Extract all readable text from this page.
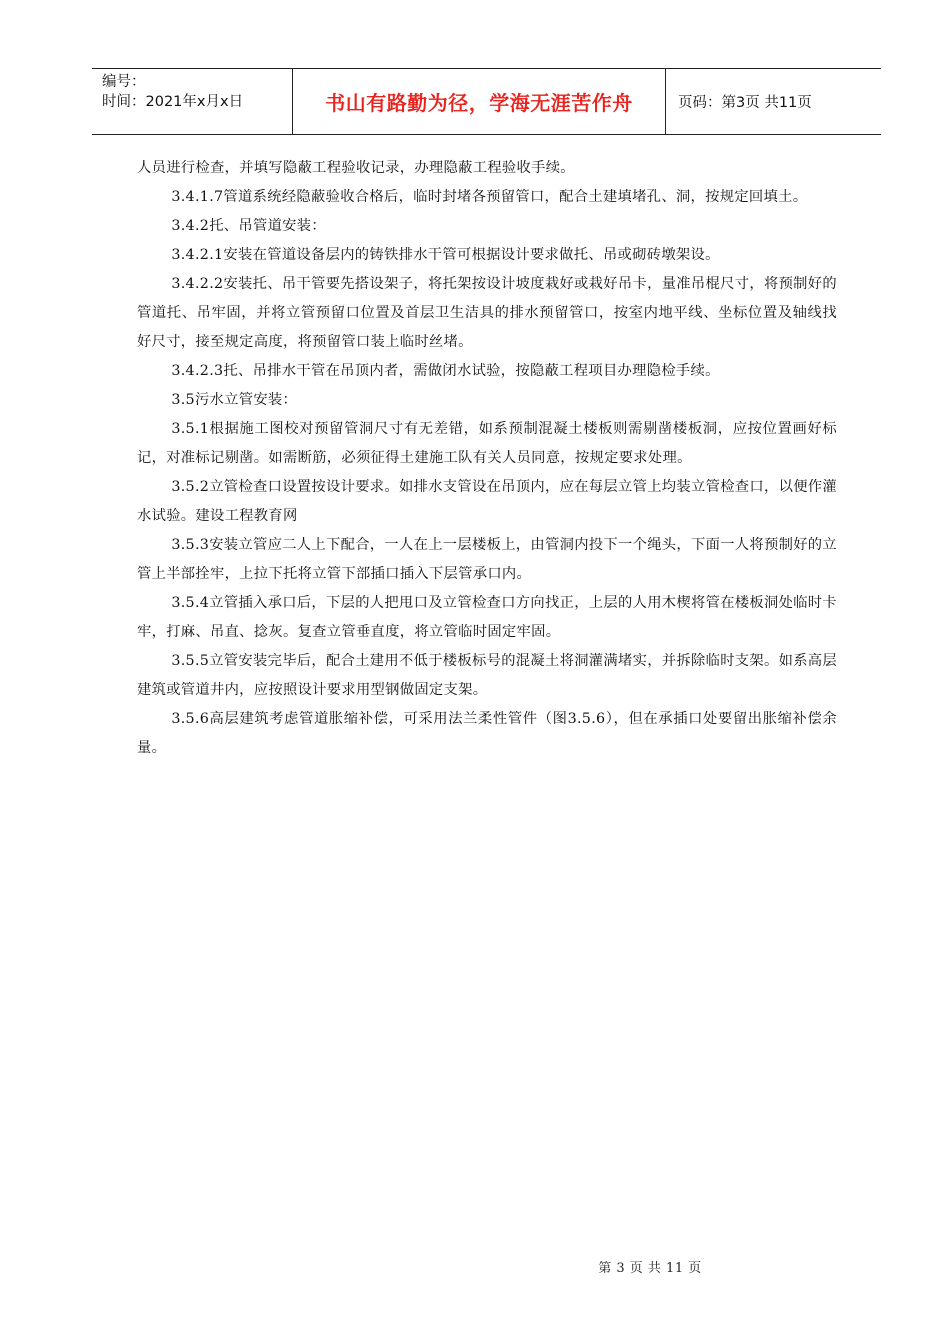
编号：
时间：2021年x月x日	书山有路勤为径，学海无涯苦作舟	页码：第3页 共11页

人员进行检查，并填写隐蔽工程验收记录，办理隐蔽工程验收手续。

3.4.1.7管道系统经隐蔽验收合格后，临时封堵各预留管口，配合土建填堵孔、洞，按规定回填土。

3.4.2托、吊管道安装：

3.4.2.1安装在管道设备层内的铸铁排水干管可根据设计要求做托、吊或砌砖墩架设。

3.4.2.2安装托、吊干管要先搭设架子，将托架按设计坡度栽好或栽好吊卡，量准吊棍尺寸，将预制好的管道托、吊牢固，并将立管预留口位置及首层卫生洁具的排水预留管口，按室内地平线、坐标位置及轴线找好尺寸，接至规定高度，将预留管口装上临时丝堵。

3.4.2.3托、吊排水干管在吊顶内者，需做闭水试验，按隐蔽工程项目办理隐检手续。

3.5污水立管安装：

3.5.1根据施工图校对预留管洞尺寸有无差错，如系预制混凝土楼板则需剔凿楼板洞，应按位置画好标记，对准标记剔凿。如需断筋，必须征得土建施工队有关人员同意，按规定要求处理。

3.5.2立管检查口设置按设计要求。如排水支管设在吊顶内，应在每层立管上均装立管检查口，以便作灌水试验。建设工程教育网

3.5.3安装立管应二人上下配合，一人在上一层楼板上，由管洞内投下一个绳头，下面一人将预制好的立管上半部拴牢，上拉下托将立管下部插口插入下层管承口内。

3.5.4立管插入承口后，下层的人把甩口及立管检查口方向找正，上层的人用木楔将管在楼板洞处临时卡牢，打麻、吊直、捻灰。复查立管垂直度，将立管临时固定牢固。

3.5.5立管安装完毕后，配合土建用不低于楼板标号的混凝土将洞灌满堵实，并拆除临时支架。如系高层建筑或管道井内，应按照设计要求用型钢做固定支架。

3.5.6高层建筑考虑管道胀缩补偿，可采用法兰柔性管件（图3.5.6），但在承插口处要留出胀缩补偿余量。

第 3 页 共 11 页
